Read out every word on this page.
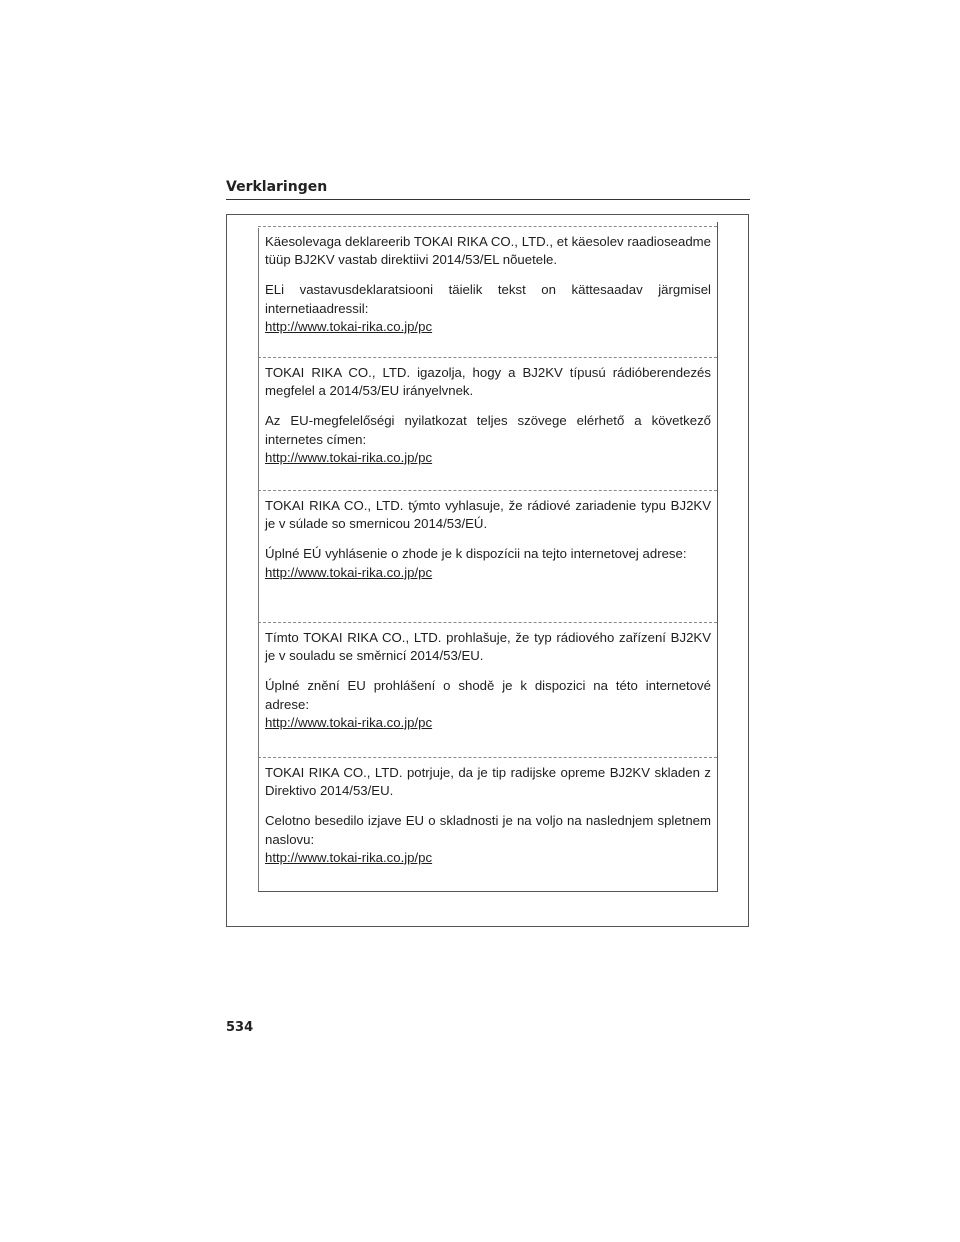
Verklaringen

Käesolevaga deklareerib TOKAI RIKA CO., LTD., et käesolev raadioseadme tüüp BJ2KV vastab direktiivi 2014/53/EL nõuetele.

ELi vastavusdeklaratsiooni täielik tekst on kättesaadav järgmisel internetiaadressil:

http://www.tokai-rika.co.jp/pc

TOKAI RIKA CO., LTD. igazolja, hogy a BJ2KV típusú rádióberendezés megfelel a 2014/53/EU irányelvnek.

Az EU-megfelelőségi nyilatkozat teljes szövege elérhető a következő internetes címen:

http://www.tokai-rika.co.jp/pc

TOKAI RIKA CO., LTD. týmto vyhlasuje, že rádiové zariadenie typu BJ2KV je v súlade so smernicou 2014/53/EÚ.

Úplné EÚ vyhlásenie o zhode je k dispozícii na tejto internetovej adrese:

http://www.tokai-rika.co.jp/pc

Tímto TOKAI RIKA CO., LTD. prohlašuje, že typ rádiového zařízení BJ2KV je v souladu se směrnicí 2014/53/EU.

Úplné znění EU prohlášení o shodě je k dispozici na této internetové adrese:

http://www.tokai-rika.co.jp/pc

TOKAI RIKA CO., LTD. potrjuje, da je tip radijske opreme BJ2KV skladen z Direktivo 2014/53/EU.

Celotno besedilo izjave EU o skladnosti je na voljo na naslednjem spletnem naslovu:

http://www.tokai-rika.co.jp/pc
534
